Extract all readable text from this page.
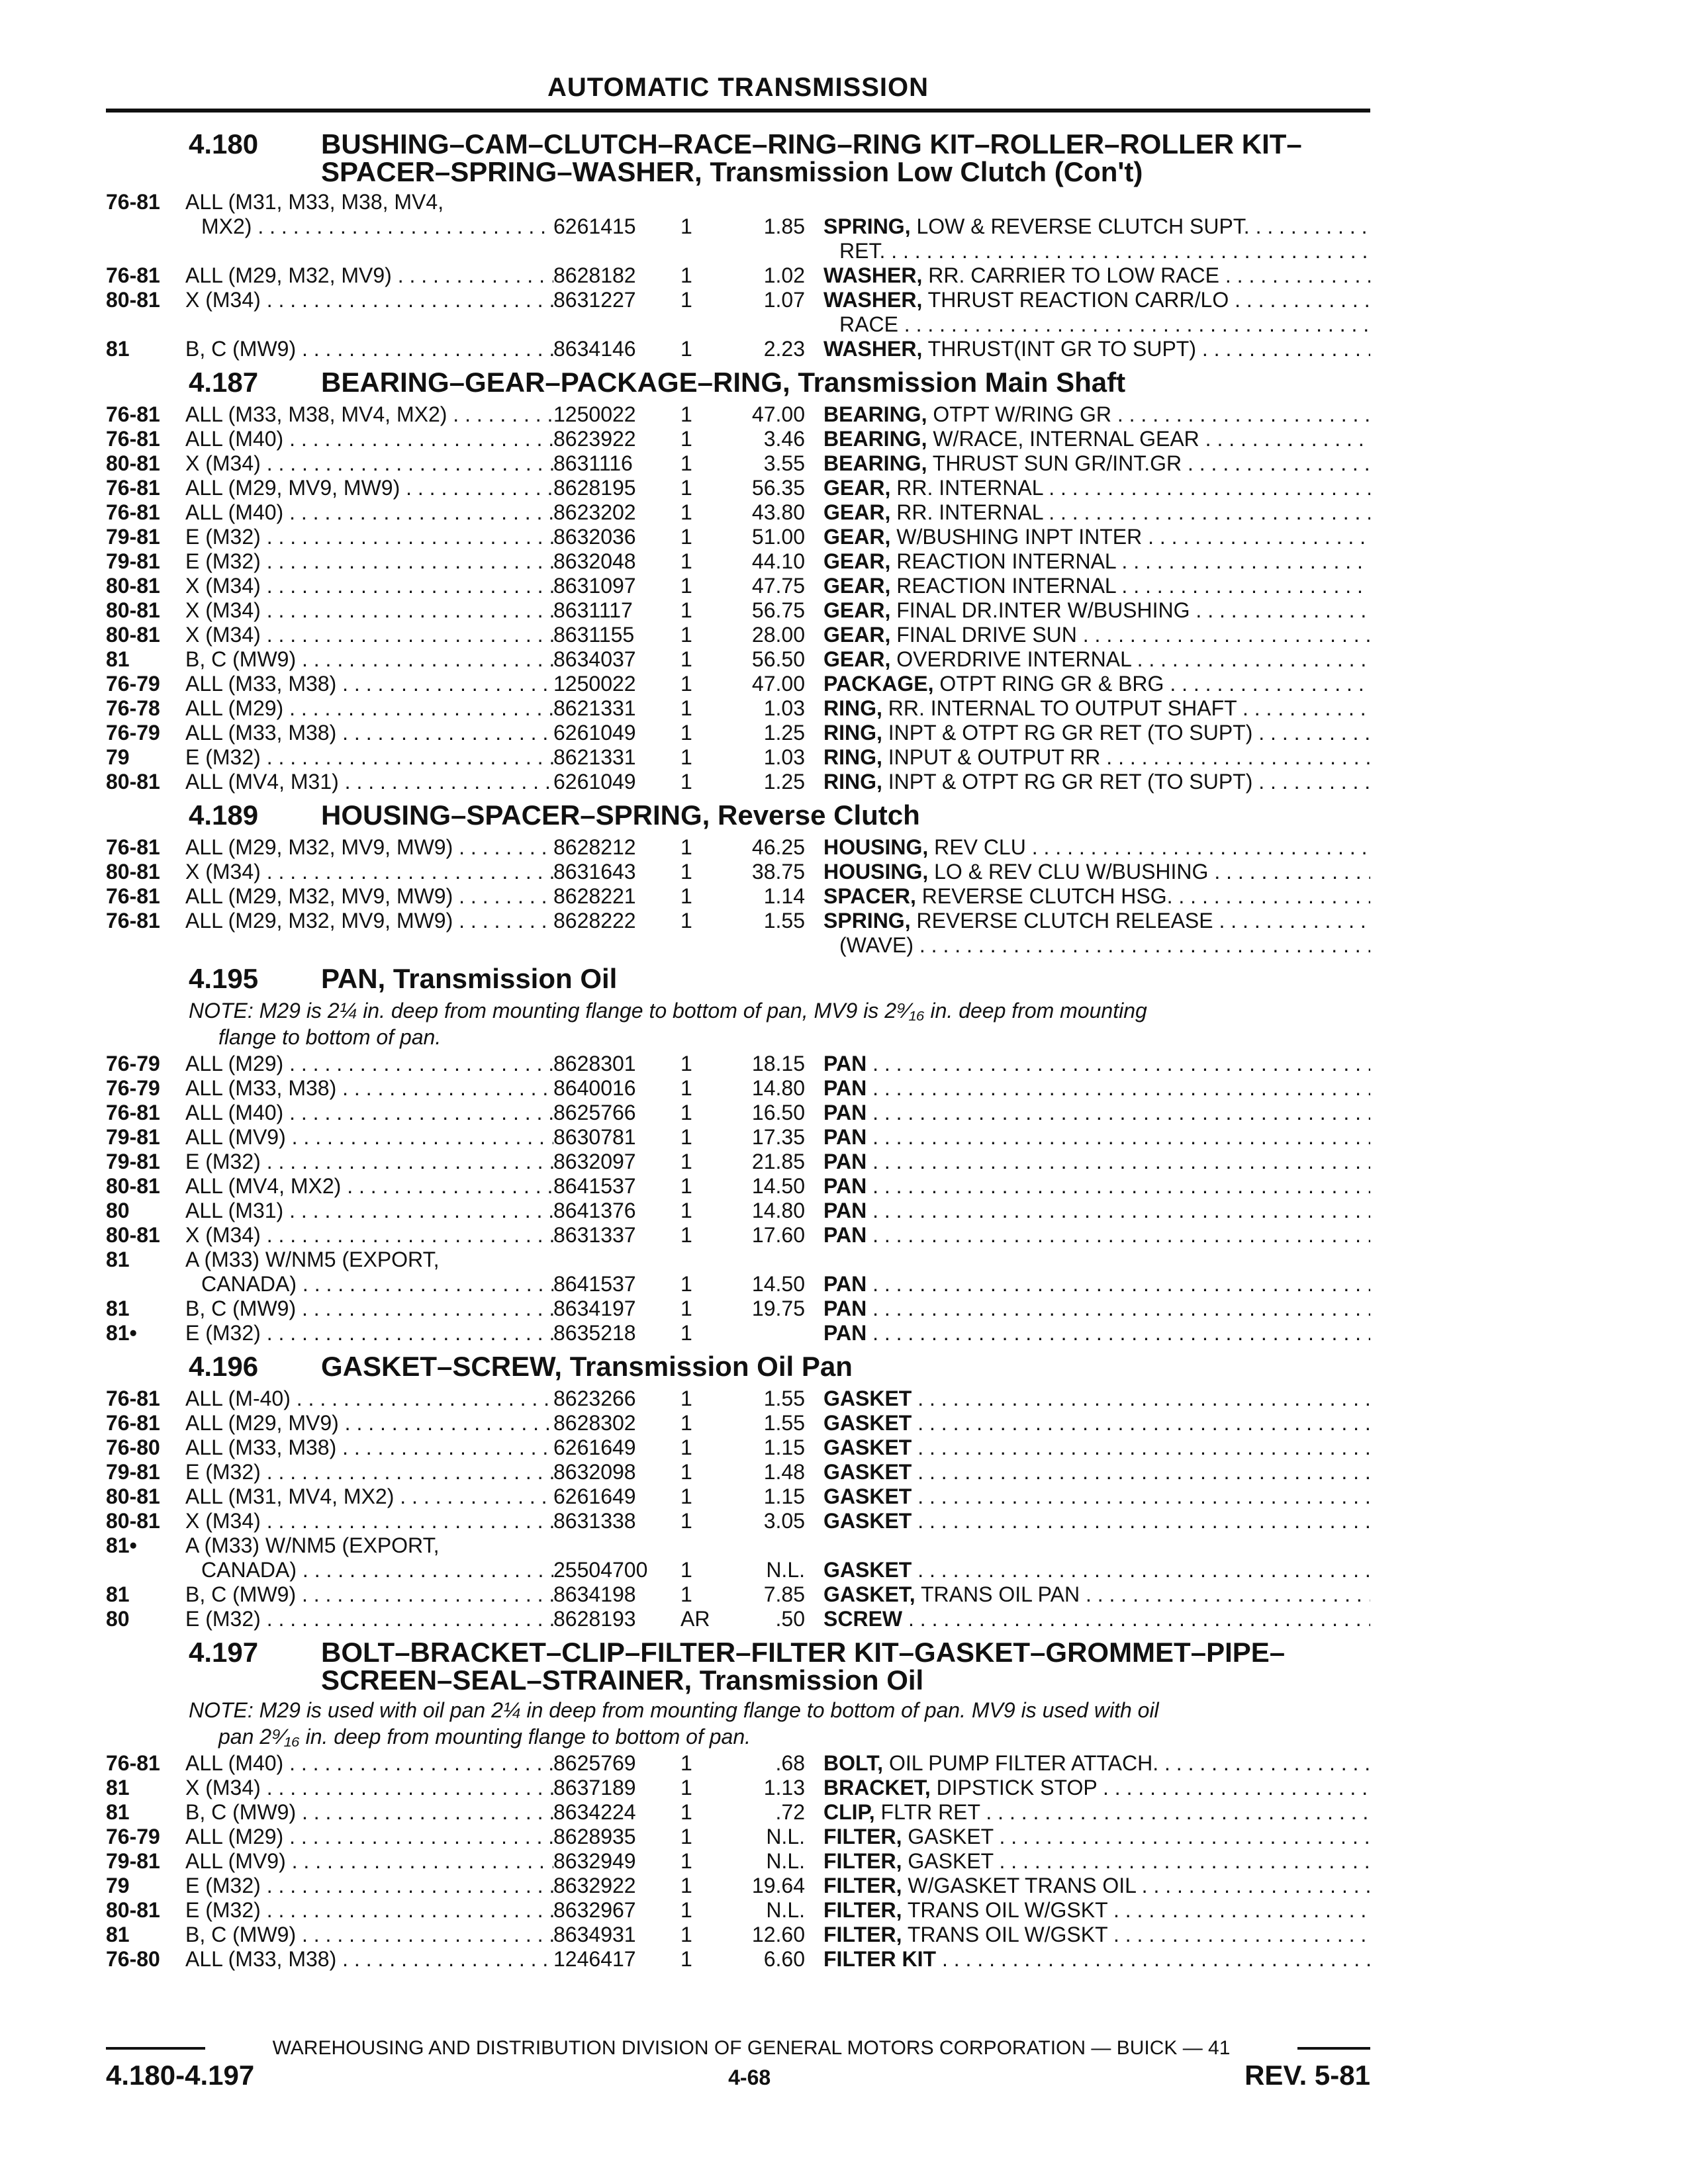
AUTOMATIC TRANSMISSION
4.180	BUSHING–CAM–CLUTCH–RACE–RING–RING KIT–ROLLER–ROLLER KIT–SPACER–SPRING–WASHER, Transmission Low Clutch (Con't)
76-81	ALL (M31, M33, M38, MV4,
MX2) . . .	6261415	1	1.85 SPRING, LOW & REVERSE CLUTCH SUPT. . . .
RET. . . .
76-81	ALL (M29, M32, MV9) . . .	8628182	1	1.02 WASHER, RR. CARRIER TO LOW RACE . . .
80-81	X (M34) . . .	8631227	1	1.07 WASHER, THRUST REACTION CARR/LO . . .
RACE . . .
81	B, C (MW9) . . .	8634146	1	2.23 WASHER, THRUST(INT GR TO SUPT) . . .
4.187	BEARING–GEAR–PACKAGE–RING, Transmission Main Shaft
76-81	ALL (M33, M38, MV4, MX2) . . .	1250022	1	47.00 BEARING, OTPT W/RING GR . . .
76-81	ALL (M40) . . .	8623922	1	3.46 BEARING, W/RACE, INTERNAL GEAR . . .
80-81	X (M34) . . .	8631116	1	3.55 BEARING, THRUST SUN GR/INT.GR . . .
76-81	ALL (M29, MV9, MW9) . . .	8628195	1	56.35 GEAR, RR. INTERNAL . . .
76-81	ALL (M40) . . .	8623202	1	43.80 GEAR, RR. INTERNAL . . .
79-81	E (M32) . . .	8632036	1	51.00 GEAR, W/BUSHING INPT INTER . . .
79-81	E (M32) . . .	8632048	1	44.10 GEAR, REACTION INTERNAL . . .
80-81	X (M34) . . .	8631097	1	47.75 GEAR, REACTION INTERNAL . . .
80-81	X (M34) . . .	8631117	1	56.75 GEAR, FINAL DR.INTER W/BUSHING . . .
80-81	X (M34) . . .	8631155	1	28.00 GEAR, FINAL DRIVE SUN . . .
81	B, C (MW9) . . .	8634037	1	56.50 GEAR, OVERDRIVE INTERNAL . . .
76-79	ALL (M33, M38) . . .	1250022	1	47.00 PACKAGE, OTPT RING GR & BRG . . .
76-78	ALL (M29) . . .	8621331	1	1.03 RING, RR. INTERNAL TO OUTPUT SHAFT . . .
76-79	ALL (M33, M38) . . .	6261049	1	1.25 RING, INPT & OTPT RG GR RET (TO SUPT) . . .
79	E (M32) . . .	8621331	1	1.03 RING, INPUT & OUTPUT RR . . .
80-81	ALL (MV4, M31) . . .	6261049	1	1.25 RING, INPT & OTPT RG GR RET (TO SUPT) . . .
4.189	HOUSING–SPACER–SPRING, Reverse Clutch
76-81	ALL (M29, M32, MV9, MW9) . . .	8628212	1	46.25 HOUSING, REV CLU . . .
80-81	X (M34) . . .	8631643	1	38.75 HOUSING, LO & REV CLU W/BUSHING . . .
76-81	ALL (M29, M32, MV9, MW9) . . .	8628221	1	1.14 SPACER, REVERSE CLUTCH HSG. . . .
76-81	ALL (M29, M32, MV9, MW9) . . .	8628222	1	1.55 SPRING, REVERSE CLUTCH RELEASE . . .
(WAVE) . . .
4.195	PAN, Transmission Oil
NOTE: M29 is 2¼ in. deep from mounting flange to bottom of pan, MV9 is 2⁹⁄₁₆ in. deep from mounting
flange to bottom of pan.
76-79	ALL (M29) . . .	8628301	1	18.15 PAN . . .
76-79	ALL (M33, M38) . . .	8640016	1	14.80 PAN . . .
76-81	ALL (M40) . . .	8625766	1	16.50 PAN . . .
79-81	ALL (MV9) . . .	8630781	1	17.35 PAN . . .
79-81	E (M32) . . .	8632097	1	21.85 PAN . . .
80-81	ALL (MV4, MX2) . . .	8641537	1	14.50 PAN . . .
80	ALL (M31) . . .	8641376	1	14.80 PAN . . .
80-81	X (M34) . . .	8631337	1	17.60 PAN . . .
81	A (M33) W/NM5 (EXPORT,
CANADA) . . .	8641537	1	14.50 PAN . . .
81	B, C (MW9) . . .	8634197	1	19.75 PAN . . .
81•	E (M32) . . .	8635218	1	PAN . . .
4.196	GASKET–SCREW, Transmission Oil Pan
76-81	ALL (M-40) . . .	8623266	1	1.55 GASKET . . .
76-81	ALL (M29, MV9) . . .	8628302	1	1.55 GASKET . . .
76-80	ALL (M33, M38) . . .	6261649	1	1.15 GASKET . . .
79-81	E (M32) . . .	8632098	1	1.48 GASKET . . .
80-81	ALL (M31, MV4, MX2) . . .	6261649	1	1.15 GASKET . . .
80-81	X (M34) . . .	8631338	1	3.05 GASKET . . .
81•	A (M33) W/NM5 (EXPORT,
CANADA) . . .	25504700	1	N.L. GASKET . . .
81	B, C (MW9) . . .	8634198	1	7.85 GASKET, TRANS OIL PAN . . .
80	E (M32) . . .	8628193	AR	.50 SCREW . . .
4.197	BOLT–BRACKET–CLIP–FILTER–FILTER KIT–GASKET–GROMMET–PIPE–SCREEN–SEAL–STRAINER, Transmission Oil
NOTE: M29 is used with oil pan 2¼ in deep from mounting flange to bottom of pan. MV9 is used with oil
pan 2⁹⁄₁₆ in. deep from mounting flange to bottom of pan.
76-81	ALL (M40) . . .	8625769	1	.68 BOLT, OIL PUMP FILTER ATTACH. . . .
81	X (M34) . . .	8637189	1	1.13 BRACKET, DIPSTICK STOP . . .
81	B, C (MW9) . . .	8634224	1	.72 CLIP, FLTR RET . . .
76-79	ALL (M29) . . .	8628935	1	N.L. FILTER, GASKET . . .
79-81	ALL (MV9) . . .	8632949	1	N.L. FILTER, GASKET . . .
79	E (M32) . . .	8632922	1	19.64 FILTER, W/GASKET TRANS OIL . . .
80-81	E (M32) . . .	8632967	1	N.L. FILTER, TRANS OIL W/GSKT . . .
81	B, C (MW9) . . .	8634931	1	12.60 FILTER, TRANS OIL W/GSKT . . .
76-80	ALL (M33, M38) . . .	1246417	1	6.60 FILTER KIT . . .
WAREHOUSING AND DISTRIBUTION DIVISION OF GENERAL MOTORS CORPORATION — BUICK — 41
4.180-4.197	4-68	REV. 5-81
